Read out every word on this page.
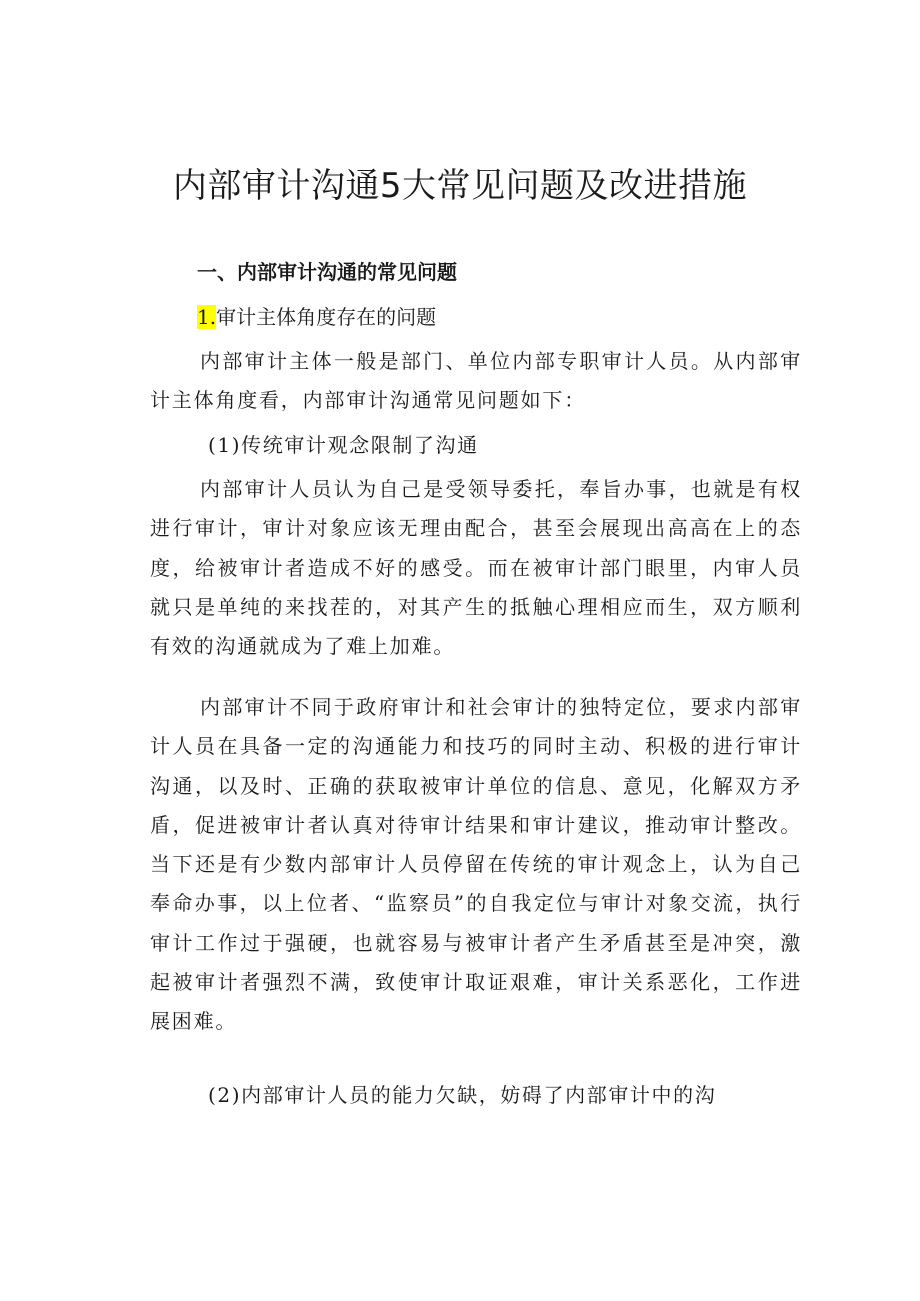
内部审计沟通5大常见问题及改进措施
一、内部审计沟通的常见问题
1.审计主体角度存在的问题

内部审计主体一般是部门、单位内部专职审计人员。从内部审计主体角度看，内部审计沟通常见问题如下：

(1)传统审计观念限制了沟通

内部审计人员认为自己是受领导委托，奉旨办事，也就是有权进行审计，审计对象应该无理由配合，甚至会展现出高高在上的态度，给被审计者造成不好的感受。而在被审计部门眼里，内审人员就只是单纯的来找茬的，对其产生的抵触心理相应而生，双方顺利有效的沟通就成为了难上加难。

内部审计不同于政府审计和社会审计的独特定位，要求内部审计人员在具备一定的沟通能力和技巧的同时主动、积极的进行审计沟通，以及时、正确的获取被审计单位的信息、意见，化解双方矛盾，促进被审计者认真对待审计结果和审计建议，推动审计整改。当下还是有少数内部审计人员停留在传统的审计观念上，认为自己奉命办事，以上位者、“监察员”的自我定位与审计对象交流，执行审计工作过于强硬，也就容易与被审计者产生矛盾甚至是冲突，激起被审计者强烈不满，致使审计取证艰难，审计关系恶化，工作进展困难。

(2)内部审计人员的能力欠缺，妨碍了内部审计中的沟
